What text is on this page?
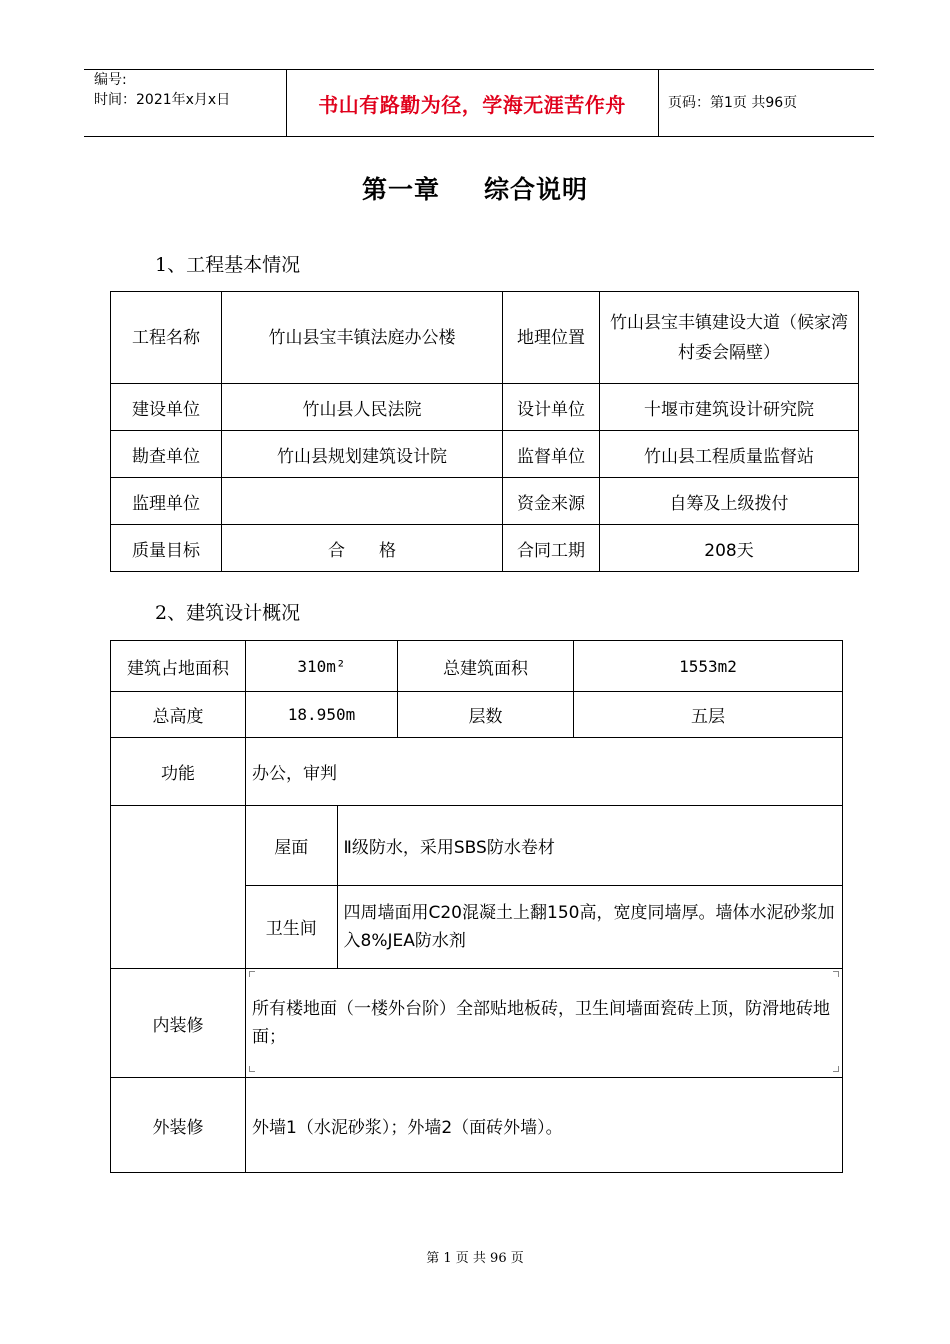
编号:
时间：2021年x月x日	书山有路勤为径，学海无涯苦作舟	页码：第1页 共96页
第一章 综合说明
1、工程基本情况
工程名称	竹山县宝丰镇法庭办公楼	地理位置	竹山县宝丰镇建设大道（候家湾村委会隔壁）
建设单位	竹山县人民法院	设计单位	十堰市建筑设计研究院
勘查单位	竹山县规划建筑设计院	监督单位	竹山县工程质量监督站
监理单位		资金来源	自筹及上级拨付
质量目标	合　　格	合同工期	208天
2、建筑设计概况
建筑占地面积	310m²	总建筑面积	1553m2
总高度	18.950m	层数	五层
功能	办公，审判

屋面	Ⅱ级防水，采用SBS防水卷材
卫生间	四周墙面用C20混凝土上翻150高，宽度同墙厚。墙体水泥砂浆加入8%JEA防水剂

内装修	所有楼地面（一楼外台阶）全部贴地板砖，卫生间墙面瓷砖上顶，防滑地砖地面；
外装修	外墙1（水泥砂浆）；外墙2（面砖外墙）。
第 1 页 共 96 页
